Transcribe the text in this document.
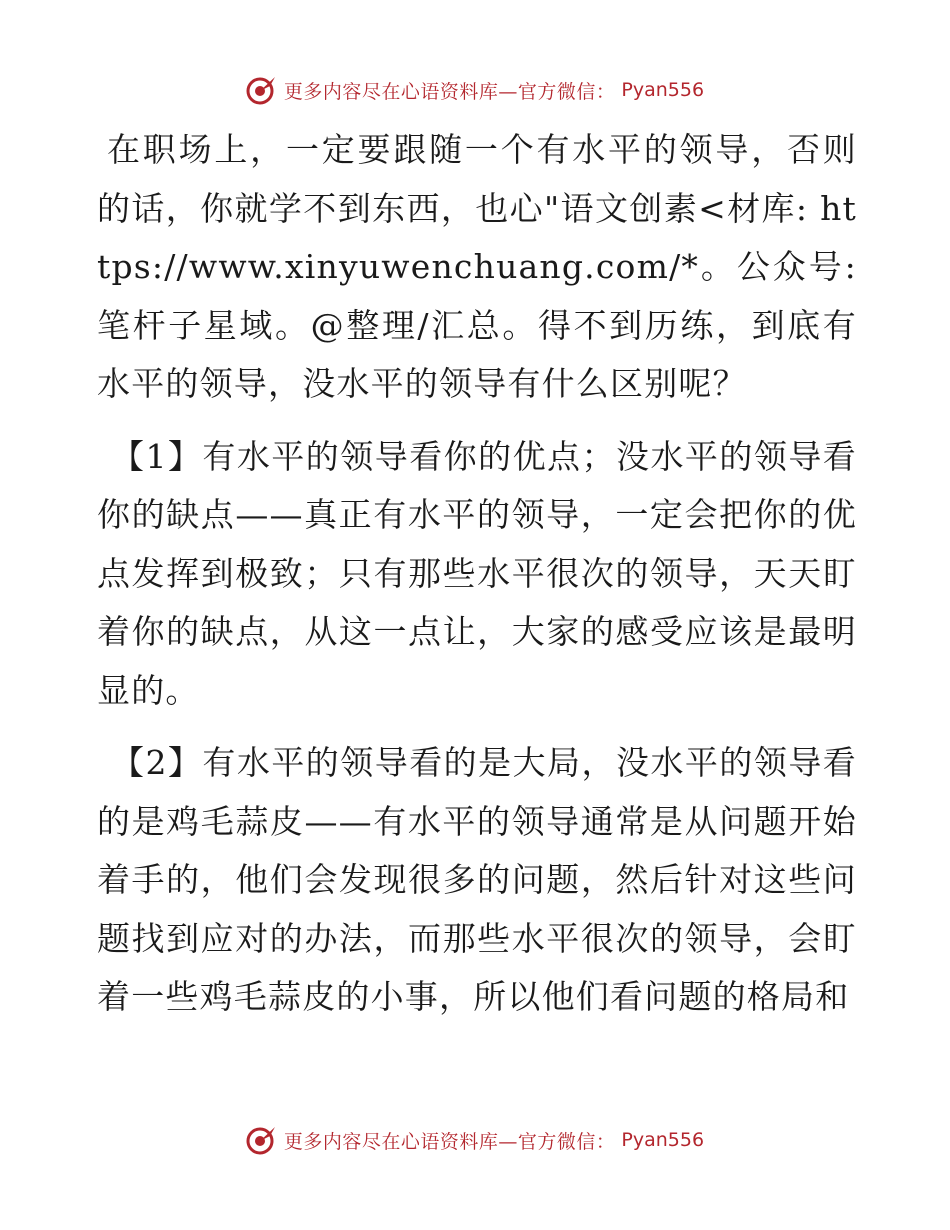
更多内容尽在心语资料库—官方微信： Pyan556

在职场上，一定要跟随一个有水平的领导，否则的话，你就学不到东西，也心"语文创素<材库: https://www.xinyuwenchuang.com/*。公众号: 笔杆子星域。@整理/汇总。得不到历练，到底有水平的领导，没水平的领导有什么区别呢？

【1】有水平的领导看你的优点；没水平的领导看你的缺点——真正有水平的领导，一定会把你的优点发挥到极致；只有那些水平很次的领导，天天盯着你的缺点，从这一点让，大家的感受应该是最明显的。

【2】有水平的领导看的是大局，没水平的领导看的是鸡毛蒜皮——有水平的领导通常是从问题开始着手的，他们会发现很多的问题，然后针对这些问题找到应对的办法，而那些水平很次的领导，会盯着一些鸡毛蒜皮的小事，所以他们看问题的格局和

更多内容尽在心语资料库—官方微信： Pyan556
